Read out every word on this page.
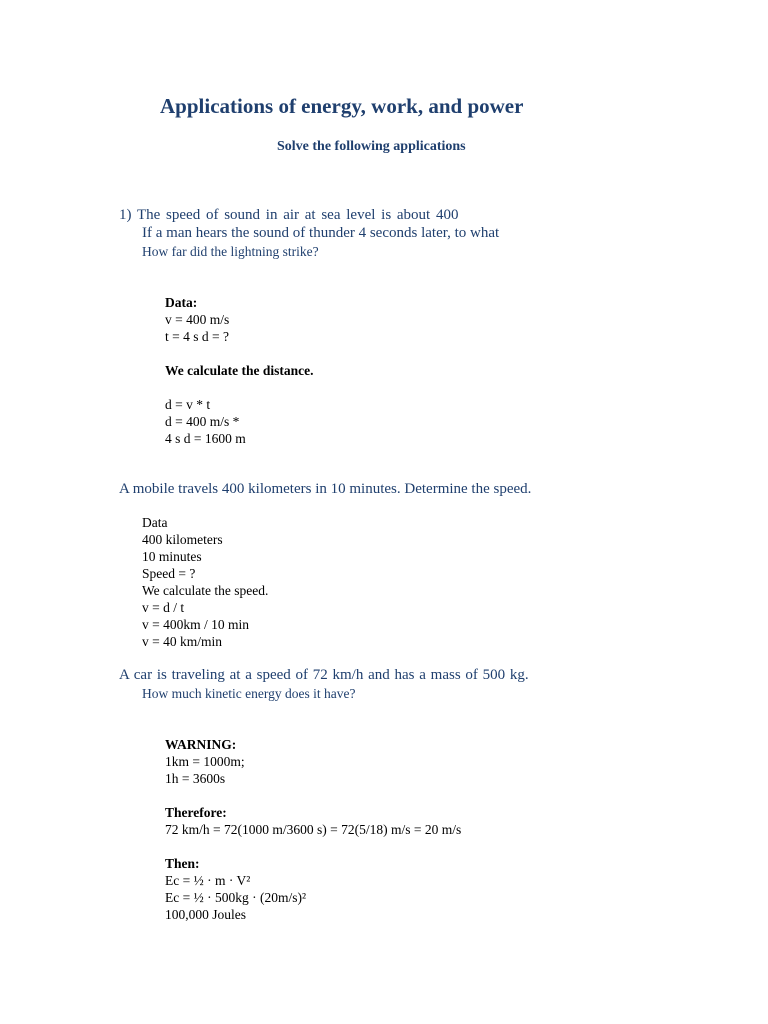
Applications of energy, work, and power
Solve the following applications

1) The speed of sound in air at sea level is about 400

If a man hears the sound of thunder 4 seconds later, to what

How far did the lightning strike?

Data:
v = 400 m/s
t = 4 s d = ?
We calculate the distance.
d = v * t
d = 400 m/s *
4 s d = 1600 m

A mobile travels 400 kilometers in 10 minutes. Determine the speed.

Data
400 kilometers
10 minutes
Speed = ?
We calculate the speed.
v = d / t
v = 400km / 10 min
v = 40 km/min

A car is traveling at a speed of 72 km/h and has a mass of 500 kg.

How much kinetic energy does it have?

WARNING:
1km = 1000m;
1h = 3600s
Therefore:
72 km/h = 72(1000 m/3600 s) = 72(5/18) m/s = 20 m/s
Then:
Ec = ½ · m · V²
Ec = ½ · 500kg · (20m/s)²
100,000 Joules
